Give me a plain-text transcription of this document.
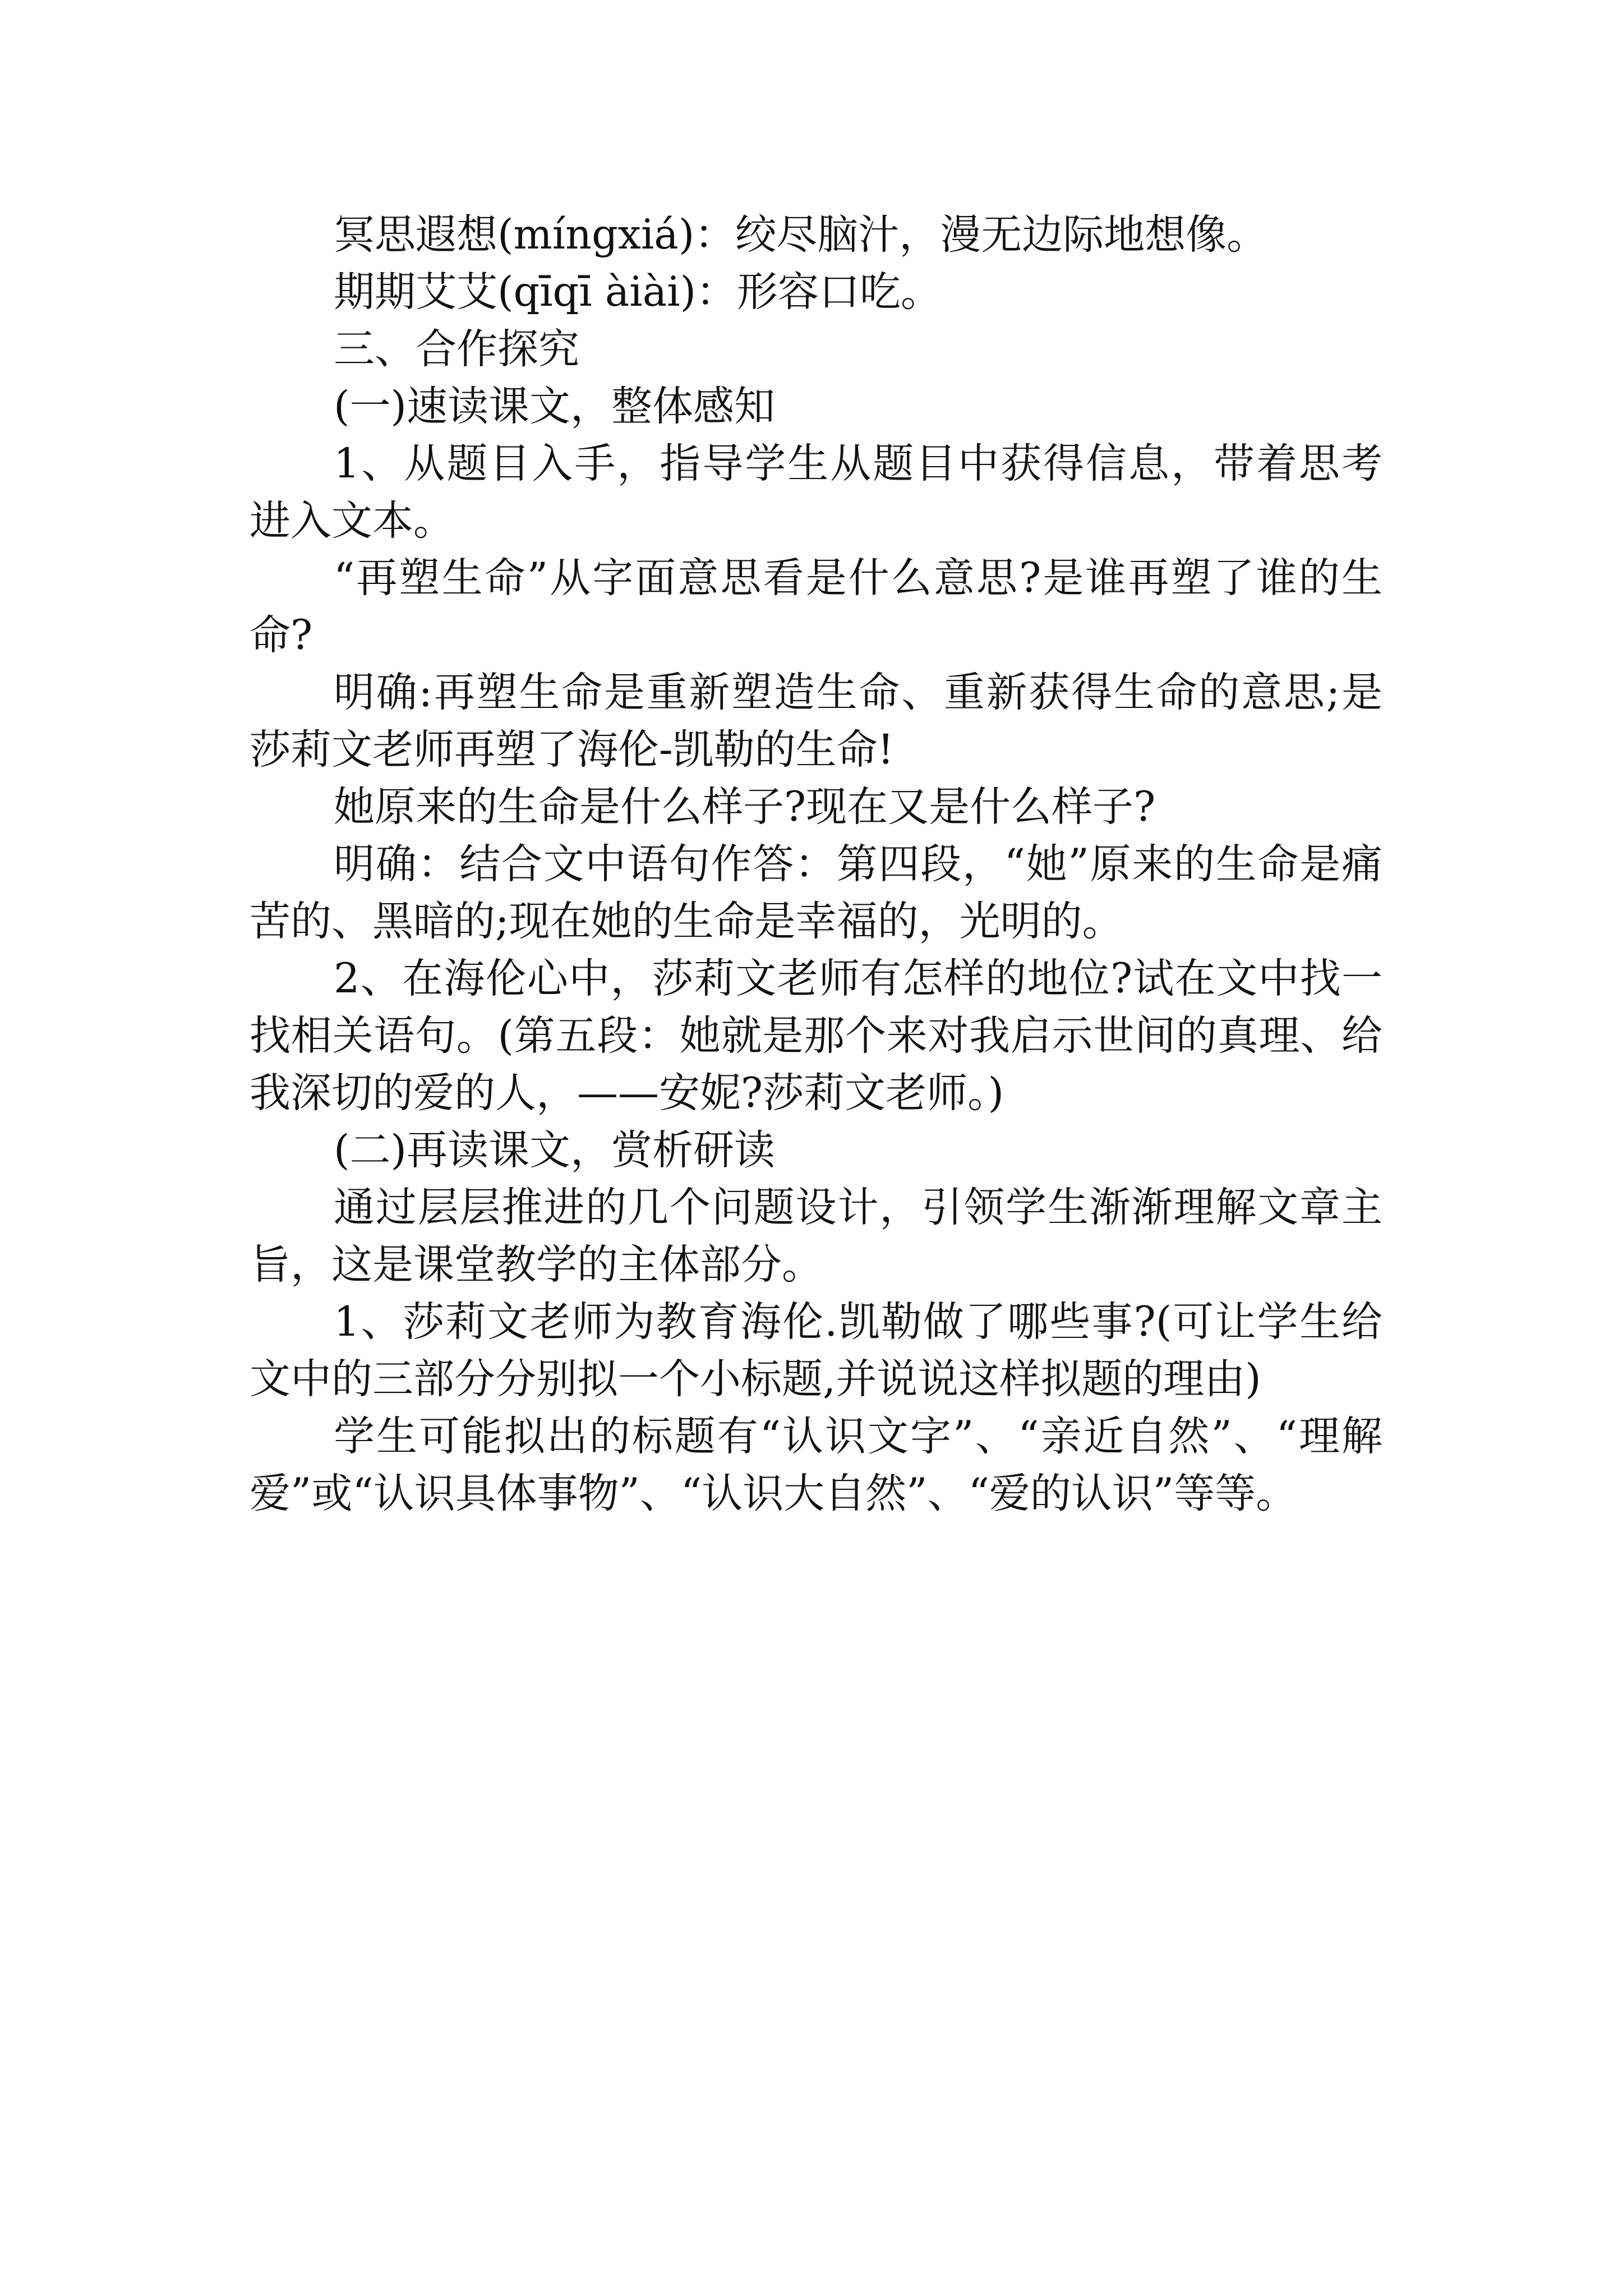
冥思遐想(míngxiá)：绞尽脑汁，漫无边际地想像。

期期艾艾(qīqī àiài)：形容口吃。

三、合作探究

(一)速读课文，整体感知

1、从题目入手，指导学生从题目中获得信息，带着思考进入文本。

“再塑生命”从字面意思看是什么意思?是谁再塑了谁的生命?

明确:再塑生命是重新塑造生命、重新获得生命的意思;是莎莉文老师再塑了海伦-凯勒的生命!

她原来的生命是什么样子?现在又是什么样子?

明确：结合文中语句作答：第四段，“她”原来的生命是痛苦的、黑暗的;现在她的生命是幸福的，光明的。

2、在海伦心中，莎莉文老师有怎样的地位?试在文中找一找相关语句。(第五段：她就是那个来对我启示世间的真理、给我深切的爱的人，——安妮?莎莉文老师。)

(二)再读课文，赏析研读

通过层层推进的几个问题设计，引领学生渐渐理解文章主旨，这是课堂教学的主体部分。

1、莎莉文老师为教育海伦.凯勒做了哪些事?(可让学生给文中的三部分分别拟一个小标题,并说说这样拟题的理由)

学生可能拟出的标题有“认识文字”、“亲近自然”、“理解爱”或“认识具体事物”、“认识大自然”、“爱的认识”等等。
